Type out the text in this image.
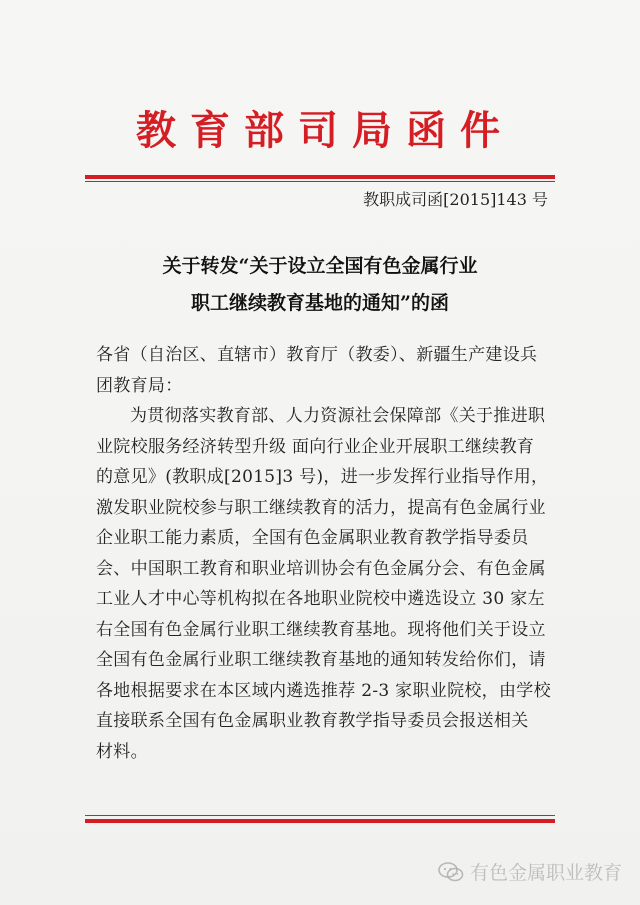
教育部司局函件
教职成司函[2015]143 号
关于转发“关于设立全国有色金属行业
职工继续教育基地的通知”的函

各省（自治区、直辖市）教育厅（教委）、新疆生产建设兵
团教育局：

为贯彻落实教育部、人力资源社会保障部《关于推进职

业院校服务经济转型升级 面向行业企业开展职工继续教育
的意见》(教职成[2015]3 号)，进一步发挥行业指导作用，
激发职业院校参与职工继续教育的活力，提高有色金属行业
企业职工能力素质，全国有色金属职业教育教学指导委员
会、中国职工教育和职业培训协会有色金属分会、有色金属
工业人才中心等机构拟在各地职业院校中遴选设立 30 家左
右全国有色金属行业职工继续教育基地。现将他们关于设立
全国有色金属行业职工继续教育基地的通知转发给你们，请
各地根据要求在本区域内遴选推荐 2-3 家职业院校，由学校
直接联系全国有色金属职业教育教学指导委员会报送相关
材料。

有色金属职业教育
